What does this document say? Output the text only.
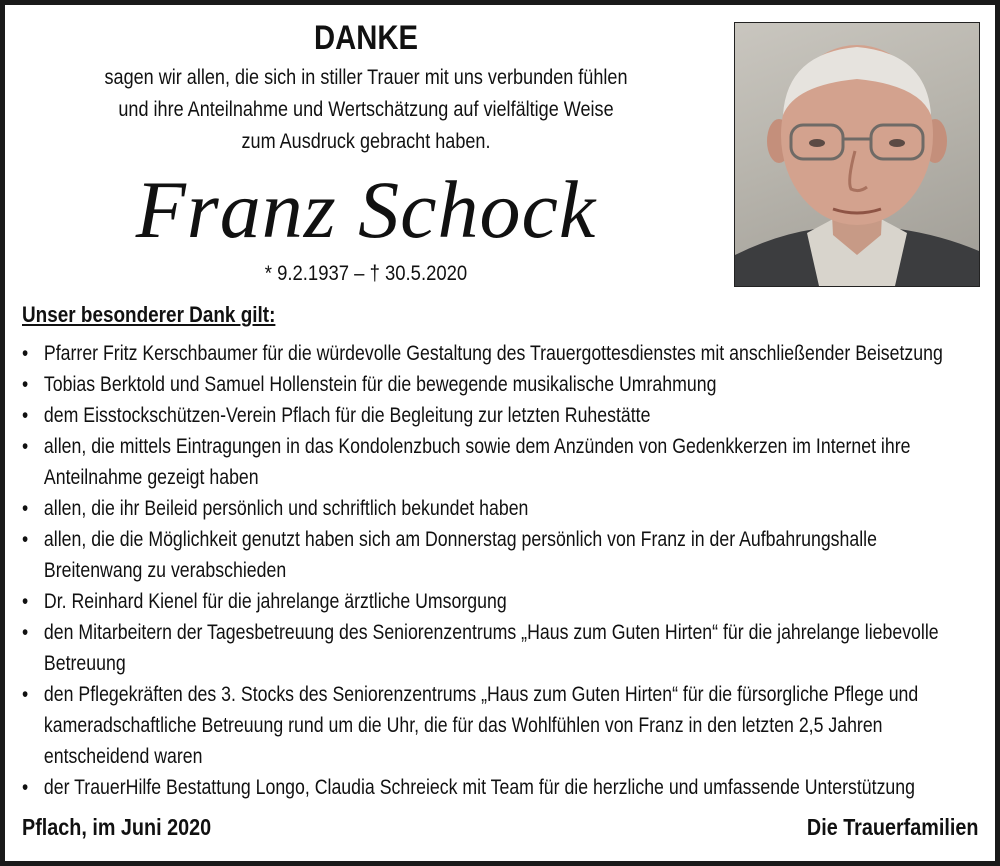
DANKE
sagen wir allen, die sich in stiller Trauer mit uns verbunden fühlen
und ihre Anteilnahme und Wertschätzung auf vielfältige Weise
zum Ausdruck gebracht haben.
Franz Schock
* 9.2.1937 – † 30.5.2020
Unser besonderer Dank gilt:
• Pfarrer Fritz Kerschbaumer für die würdevolle Gestaltung des Trauergottesdienstes mit anschließender Beisetzung
• Tobias Berktold und Samuel Hollenstein für die bewegende musikalische Umrahmung
• dem Eisstockschützen-Verein Pflach für die Begleitung zur letzten Ruhestätte
• allen, die mittels Eintragungen in das Kondolenzbuch sowie dem Anzünden von Gedenkkerzen im Internet ihre Anteilnahme gezeigt haben
• allen, die ihr Beileid persönlich und schriftlich bekundet haben
• allen, die die Möglichkeit genutzt haben sich am Donnerstag persönlich von Franz in der Aufbahrungshalle Breitenwang zu verabschieden
• Dr. Reinhard Kienel für die jahrelange ärztliche Umsorgung
• den Mitarbeitern der Tagesbetreuung des Seniorenzentrums „Haus zum Guten Hirten“ für die jahrelange liebevolle Betreuung
• den Pflegekräften des 3. Stocks des Seniorenzentrums „Haus zum Guten Hirten“ für die fürsorgliche Pflege und kameradschaftliche Betreuung rund um die Uhr, die für das Wohlfühlen von Franz in den letzten 2,5 Jahren entscheidend waren
• der TrauerHilfe Bestattung Longo, Claudia Schreieck mit Team für die herzliche und umfassende Unterstützung
Pflach, im Juni 2020	Die Trauerfamilien
